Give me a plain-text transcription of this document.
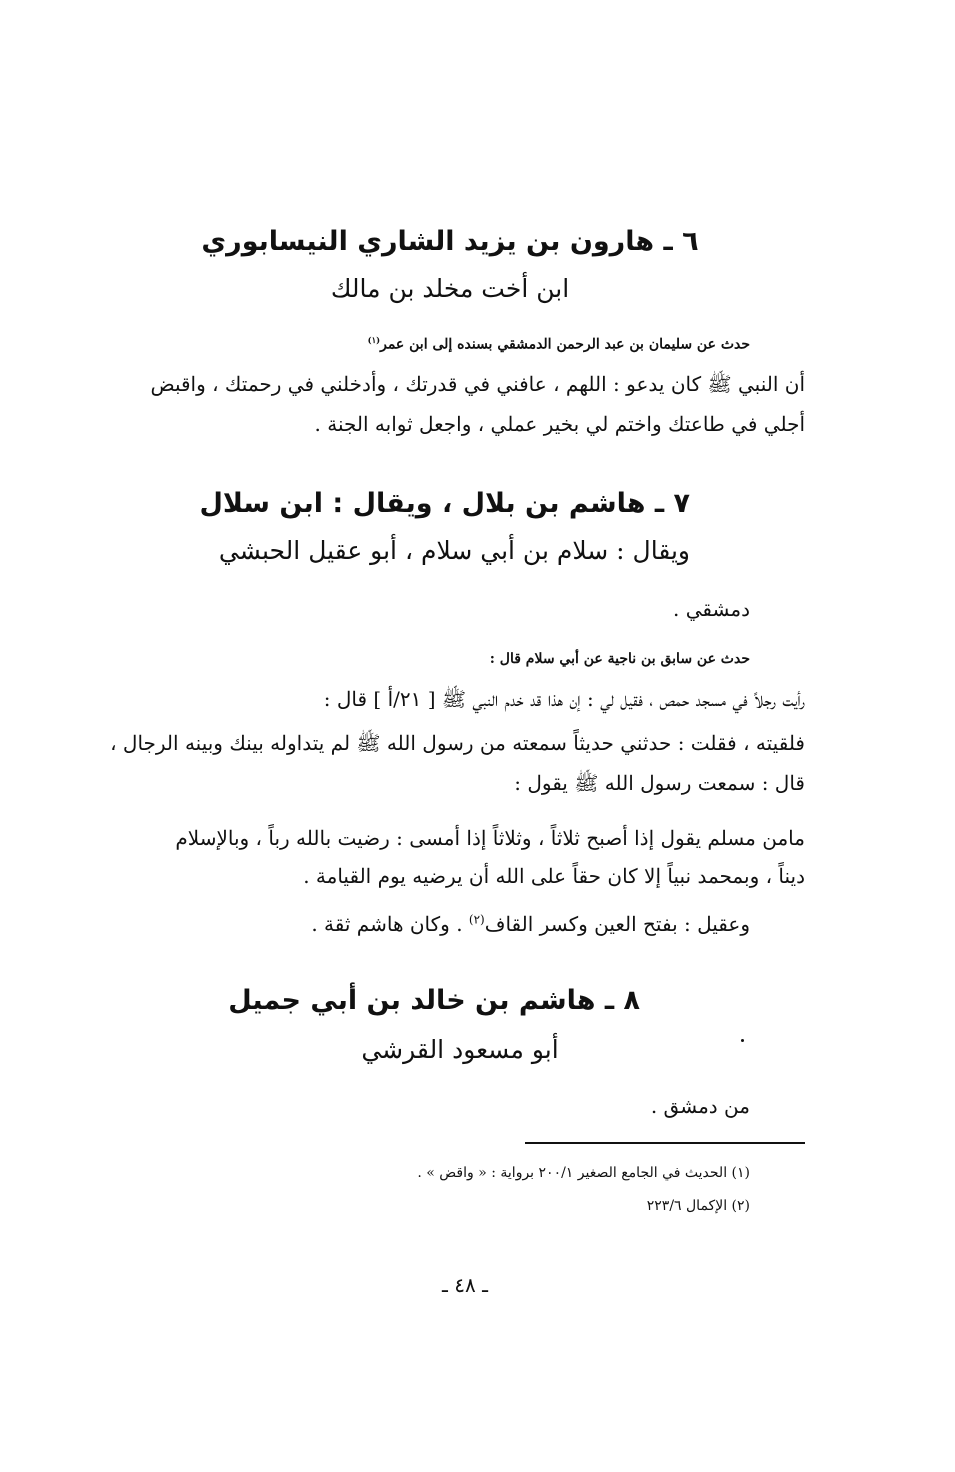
٦ ـ هارون بن يزيد الشاري النيسابوري
ابن أخت مخلد بن مالك
حدث عن سليمان بن عبد الرحمن الدمشقي بسنده إلى ابن عمر$^{(١)}$
أن النبي ﷺ كان يدعو : اللهم ، عافني في قدرتك ، وأدخلني في رحمتك ، واقبض
أجلي في طاعتك واختم لي بخير عملي ، واجعل ثوابه الجنة .
٧ ـ هاشم بن بلال ، ويقال : ابن سلال
ويقال : سلام بن أبي سلام ، أبو عقيل الحبشي
دمشقي .
حدث عن سابق بن ناجية عن أبي سلام قال :
رأيت رجلاً في مسجد حمص ، فقيل لي : إن هذا قد خدم النبي ﷺ [ ٢١/أ ] قال :
فلقيته ، فقلت : حدثني حديثاً سمعته من رسول الله ﷺ لم يتداوله بينك وبينه الرجال ،
قال : سمعت رسول الله ﷺ يقول :
مامن مسلم يقول إذا أصبح ثلاثاً ، وثلاثاً إذا أمسى : رضيت بالله رباً ، وبالإسلام
ديناً ، وبمحمد نبياً إلا كان حقاً على الله أن يرضيه يوم القيامة .
وعقيل : بفتح العين وكسر القاف$^{(٢)}$ . وكان هاشم ثقة .
٨ ـ هاشم بن خالد بن أبي جميل
أبو مسعود القرشي
من دمشق .
(١) الحديث في الجامع الصغير ٢٠٠/١ برواية : « واقض » .
(٢) الإكمال ٢٢٣/٦
ـ ٤٨ ـ
